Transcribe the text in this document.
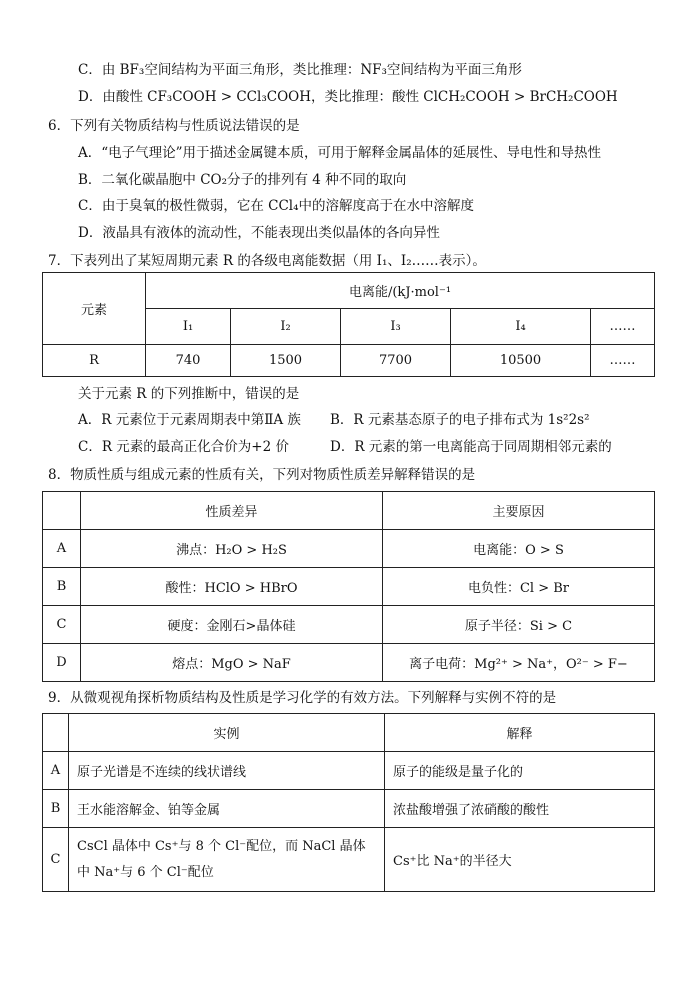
C．由 BF₃空间结构为平面三角形，类比推理：NF₃空间结构为平面三角形
D．由酸性 CF₃COOH > CCl₃COOH，类比推理：酸性 ClCH₂COOH > BrCH₂COOH
6．下列有关物质结构与性质说法错误的是
A．“电子气理论”用于描述金属键本质，可用于解释金属晶体的延展性、导电性和导热性
B．二氧化碳晶胞中 CO₂分子的排列有 4 种不同的取向
C．由于臭氧的极性微弱，它在 CCl₄中的溶解度高于在水中溶解度
D．液晶具有液体的流动性，不能表现出类似晶体的各向异性
7．下表列出了某短周期元素 R 的各级电离能数据（用 I₁、I₂……表示）。
元素	电离能/(kJ·mol⁻¹				
	I₁	I₂	I₃	I₄	……
R	740	1500	7700	10500	……
关于元素 R 的下列推断中，错误的是
A．R 元素位于元素周期表中第ⅡA 族 B．R 元素基态原子的电子排布式为 1s²2s²
C．R 元素的最高正化合价为+2 价	D．R 元素的第一电离能高于同周期相邻元素的
8．物质性质与组成元素的性质有关，下列对物质性质差异解释错误的是
	性质差异	主要原因
A	沸点：H₂O > H₂S	电离能：O > S
B	酸性：HClO > HBrO	电负性：Cl > Br
C	硬度：金刚石>晶体硅	原子半径：Si > C
D	熔点：MgO > NaF	离子电荷：Mg²⁺ > Na⁺，O²⁻ > F−
9．从微观视角探析物质结构及性质是学习化学的有效方法。下列解释与实例不符的是
	实例	解释
A	原子光谱是不连续的线状谱线	原子的能级是量子化的
B	王水能溶解金、铂等金属	浓盐酸增强了浓硝酸的酸性
C	CsCl 晶体中 Cs⁺与 8 个 Cl⁻配位，而 NaCl 晶体
中 Na⁺与 6 个 Cl⁻配位	Cs⁺比 Na⁺的半径大
